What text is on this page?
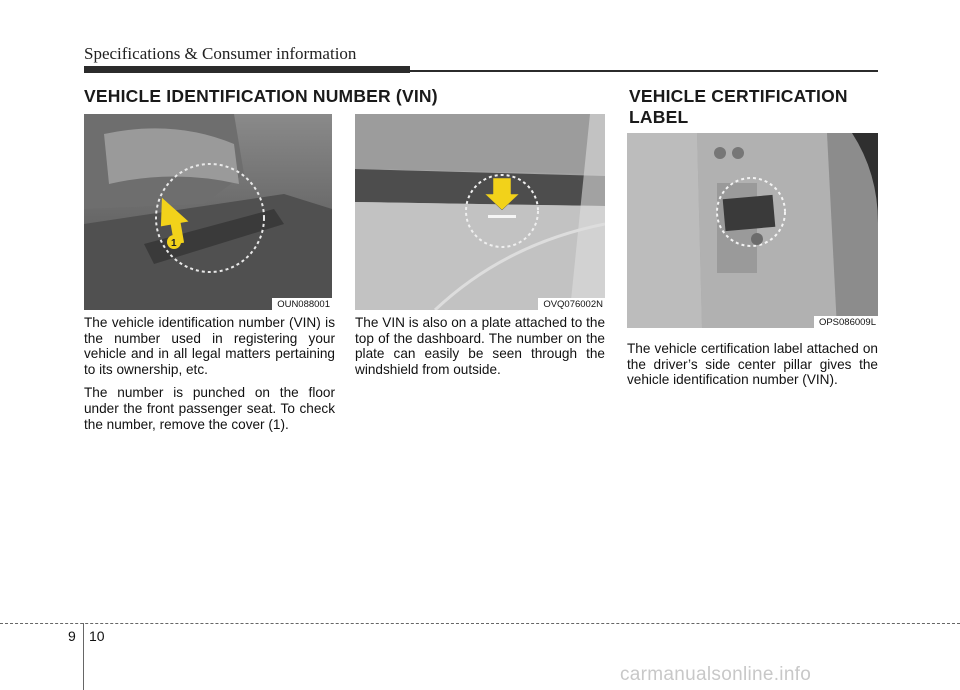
Specifications & Consumer information
VEHICLE IDENTIFICATION NUMBER (VIN)	VEHICLE CERTIFICATION
LABEL
1
OUN088001	OVQ076002N
OPS086009L

The vehicle identification number (VIN) is the number used in registering your vehicle and in all legal matters pertaining to its ownership, etc.

The number is punched on the floor under the front passenger seat. To check the number, remove the cover (1).

The VIN is also on a plate attached to the top of the dashboard. The number on the plate can easily be seen through the windshield from outside.

The vehicle certification label attached on the driver’s side center pillar gives the vehicle identification number (VIN).

9 10
carmanualsonline.info
